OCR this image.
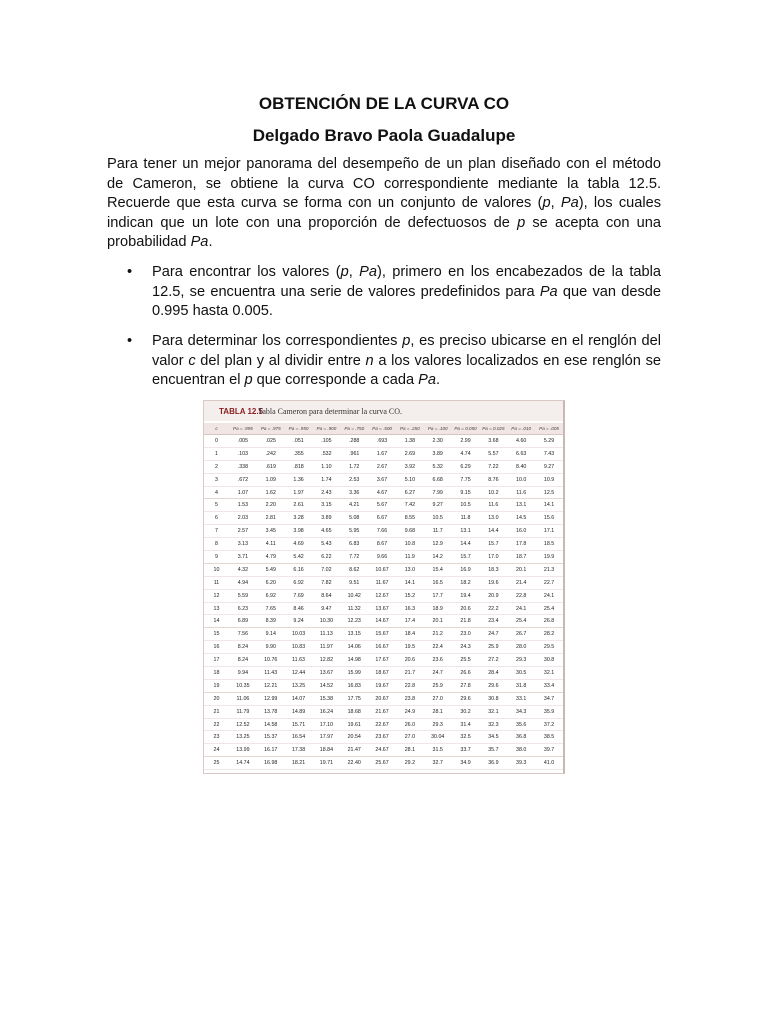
OBTENCIÓN DE LA CURVA CO
Delgado Bravo Paola Guadalupe
Para tener un mejor panorama del desempeño de un plan diseñado con el método de Cameron, se obtiene la curva CO correspondiente mediante la tabla 12.5. Recuerde que esta curva se forma con un conjunto de valores (p, Pa), los cuales indican que un lote con una proporción de defectuosos de p se acepta con una probabilidad Pa.
• Para encontrar los valores (p, Pa), primero en los encabezados de la tabla 12.5, se encuentra una serie de valores predefinidos para Pa que van desde 0.995 hasta 0.005.
• Para determinar los correspondientes p, es preciso ubicarse en el renglón del valor c del plan y al dividir entre n a los valores localizados en ese renglón se encuentran el p que corresponde a cada Pa.
TABLA 12.5
Tabla Cameron para determinar la curva CO.
c	Pa = .995	Pa = .975	Pa = .950	Pa = .900	Pa = .750	Pa = .500	Pa = .250	Pa = .100	Pa = 0.050	Pa = 0.025	Pa = .010	Pa = .005
0	.005	.025	.051	.105	.288	.693	1.38	2.30	2.99	3.68	4.60	5.29
1	.103	.242	.355	.532	.961	1.67	2.69	3.89	4.74	5.57	6.63	7.43
2	.338	.619	.818	1.10	1.72	2.67	3.92	5.32	6.29	7.22	8.40	9.27
3	.672	1.09	1.36	1.74	2.53	3.67	5.10	6.68	7.75	8.76	10.0	10.9
4	1.07	1.62	1.97	2.43	3.36	4.67	6.27	7.99	9.15	10.2	11.6	12.5
5	1.53	2.20	2.61	3.15	4.21	5.67	7.42	9.27	10.5	11.6	13.1	14.1
6	2.03	2.81	3.28	3.89	5.08	6.67	8.55	10.5	11.8	13.0	14.5	15.6
7	2.57	3.45	3.98	4.65	5.95	7.66	9.68	11.7	13.1	14.4	16.0	17.1
8	3.13	4.11	4.69	5.43	6.83	8.67	10.8	12.9	14.4	15.7	17.8	18.5
9	3.71	4.79	5.42	6.22	7.72	9.66	11.9	14.2	15.7	17.0	18.7	19.9
10	4.32	5.49	6.16	7.02	8.62	10.67	13.0	15.4	16.9	18.3	20.1	21.3
11	4.94	6.20	6.92	7.82	9.51	11.67	14.1	16.5	18.2	19.6	21.4	22.7
12	5.59	6.92	7.69	8.64	10.42	12.67	15.2	17.7	19.4	20.9	22.8	24.1
13	6.23	7.65	8.46	9.47	11.32	13.67	16.3	18.9	20.6	22.2	24.1	25.4
14	6.89	8.39	9.24	10.30	12.23	14.67	17.4	20.1	21.8	23.4	25.4	26.8
15	7.56	9.14	10.03	11.13	13.15	15.67	18.4	21.2	23.0	24.7	26.7	28.2
16	8.24	9.90	10.83	11.97	14.06	16.67	19.5	22.4	24.3	25.9	28.0	29.5
17	8.24	10.76	11.63	12.82	14.98	17.67	20.6	23.6	25.5	27.2	29.3	30.8
18	9.94	11.43	12.44	13.67	15.99	18.67	21.7	24.7	26.6	28.4	30.5	32.1
19	10.35	12.21	13.25	14.52	16.83	19.67	22.8	25.9	27.8	29.6	31.8	33.4
20	11.06	12.99	14.07	15.38	17.75	20.67	23.8	27.0	29.6	30.8	33.1	34.7
21	11.79	13.78	14.89	16.24	18.68	21.67	24.9	28.1	30.2	32.1	34.3	35.9
22	12.52	14.58	15.71	17.10	19.61	22.67	26.0	29.3	31.4	32.3	35.6	37.2
23	13.25	15.37	16.54	17.97	20.54	23.67	27.0	30.04	32.5	34.5	36.8	38.5
24	13.99	16.17	17.38	18.84	21.47	24.67	28.1	31.5	33.7	35.7	38.0	39.7
25	14.74	16.98	18.21	19.71	22.40	25.67	29.2	32.7	34.9	36.9	39.3	41.0
